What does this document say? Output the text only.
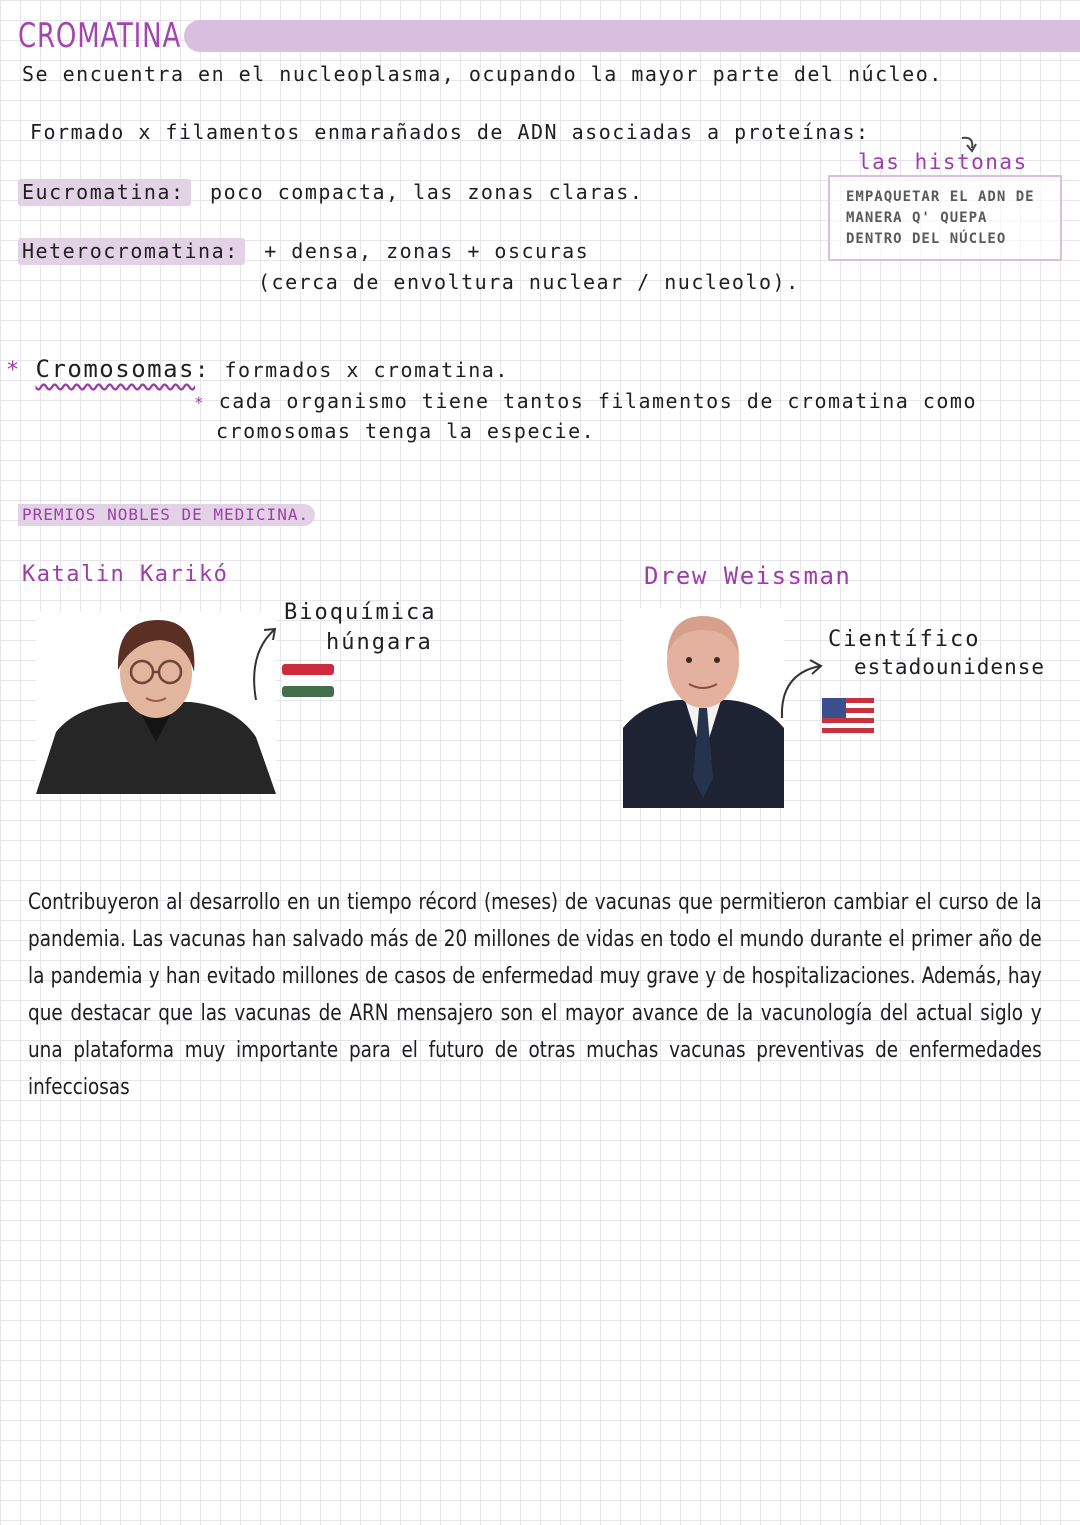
CROMATINA
Se encuentra en el nucleoplasma, ocupando la mayor parte del núcleo.
Formado x filamentos enmarañados de ADN asociadas a proteínas:
las histonas
EMPAQUETAR EL ADN DE MANERA Q' QUEPA DENTRO DEL NÚCLEO
Eucromatina: poco compacta, las zonas claras.
Heterocromatina: + densa, zonas + oscuras
(cerca de envoltura nuclear / nucleolo).
* Cromosomas: formados x cromatina.
* cada organismo tiene tantos filamentos de cromatina como
cromosomas tenga la especie.
PREMIOS NOBLES DE MEDICINA.
Katalin Karikó
Bioquímica
húngara
Drew Weissman
Científico
estadounidense
Contribuyeron al desarrollo en un tiempo récord (meses) de vacunas que permitieron cambiar el curso de la pandemia. Las vacunas han salvado más de 20 millones de vidas en todo el mundo durante el primer año de la pandemia y han evitado millones de casos de enfermedad muy grave y de hospitalizaciones. Además, hay que destacar que las vacunas de ARN mensajero son el mayor avance de la vacunología del actual siglo y una plataforma muy importante para el futuro de otras muchas vacunas preventivas de enfermedades infecciosas
